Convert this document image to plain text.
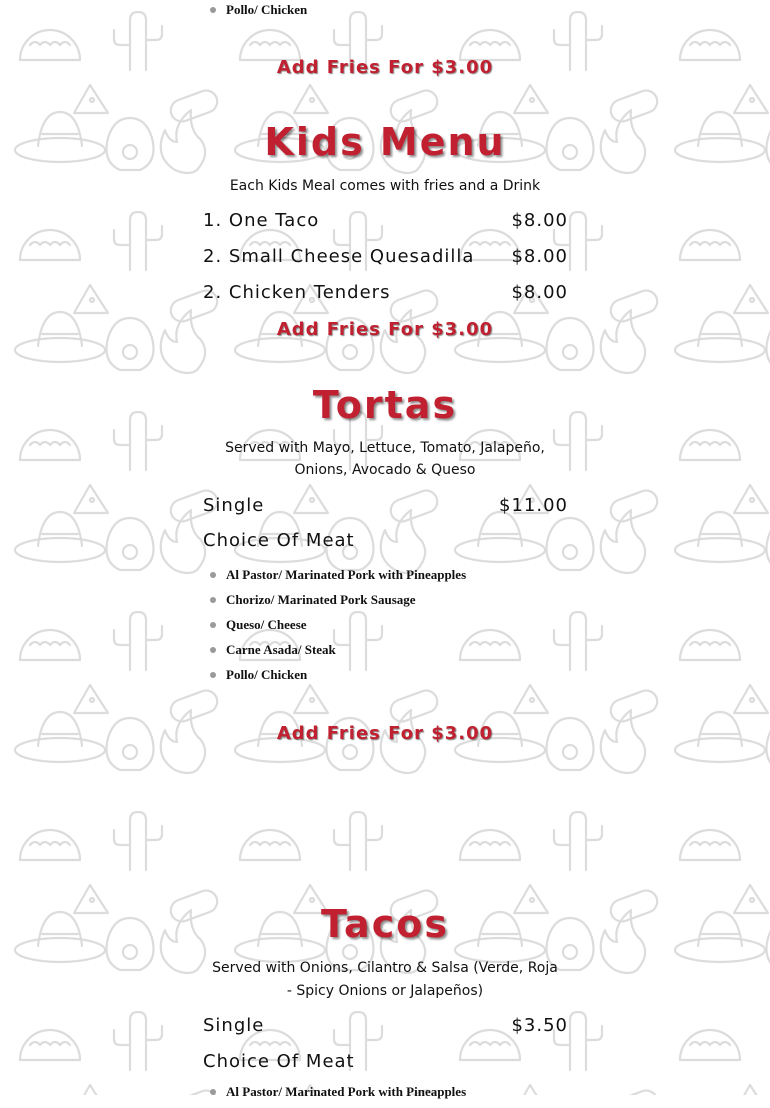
Pollo/ Chicken
Add Fries For $3.00
Kids Menu
Each Kids Meal comes with fries and a Drink
1. One Taco	$8.00
2. Small Cheese Quesadilla $8.00
2. Chicken Tenders	$8.00
Add Fries For $3.00
Tortas
Served with Mayo, Lettuce, Tomato, Jalapeño,
Onions, Avocado & Queso
Single	$11.00
Choice Of Meat
Al Pastor/ Marinated Pork with Pineapples
Chorizo/ Marinated Pork Sausage
Queso/ Cheese
Carne Asada/ Steak
Pollo/ Chicken
Add Fries For $3.00
Tacos
Served with Onions, Cilantro & Salsa (Verde, Roja
- Spicy Onions or Jalapeños)
Single	$3.50
Choice Of Meat
Al Pastor/ Marinated Pork with Pineapples
